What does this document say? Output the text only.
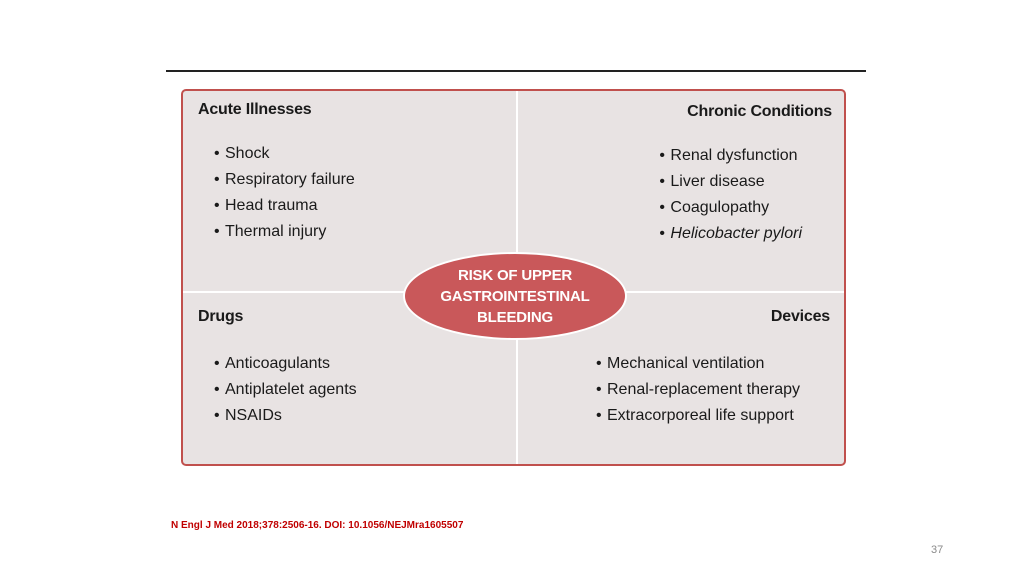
Acute Illnesses
• Shock
• Respiratory failure
• Head trauma
• Thermal injury
Chronic Conditions
• Renal dysfunction
• Liver disease
• Coagulopathy
• Helicobacter pylori
Drugs
• Anticoagulants
• Antiplatelet agents
• NSAIDs
Devices
• Mechanical ventilation
• Renal-replacement therapy
• Extracorporeal life support
RISK OF UPPER GASTROINTESTINAL BLEEDING
N Engl J Med 2018;378:2506-16. DOI: 10.1056/NEJMra1605507
37
